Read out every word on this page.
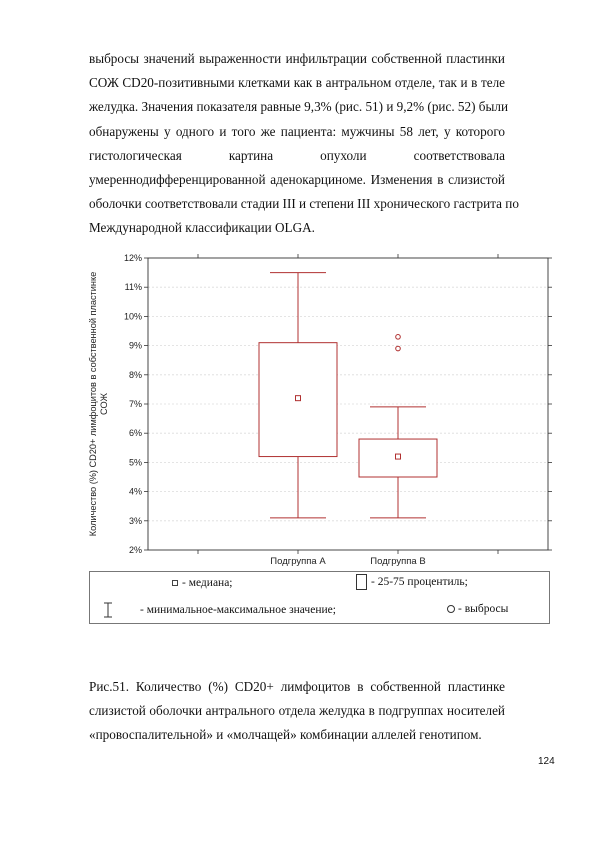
выбросы значений выраженности инфильтрации собственной пластинки
СОЖ CD20-позитивными клетками как в антральном отделе, так и в теле
желудка. Значения показателя равные 9,3% (рис. 51) и 9,2% (рис. 52) были
обнаружены у одного и того же пациента: мужчины 58 лет, у которого
гистологическая картина опухоли соответствовала
умереннодифференцированной аденокарциноме. Изменения в слизистой
оболочки соответствовали стадии III и степени III хронического гастрита по
Международной классификации OLGA.
2%
3%
4%
5%
6%
7%
8%
9%
10%
11%
12%
Подгруппа А	Подгруппа В
Количество (%) CD20+ лимфоцитов в собственной пластинке СОЖ
- медиана;	- 25-75 процентиль;
- минимальное-максимальное значение;	- выбросы
Рис.51. Количество (%) CD20+ лимфоцитов в собственной пластинке
слизистой оболочки антрального отдела желудка в подгруппах носителей
«провоспалительной» и «молчащей» комбинации аллелей генотипом.
124
